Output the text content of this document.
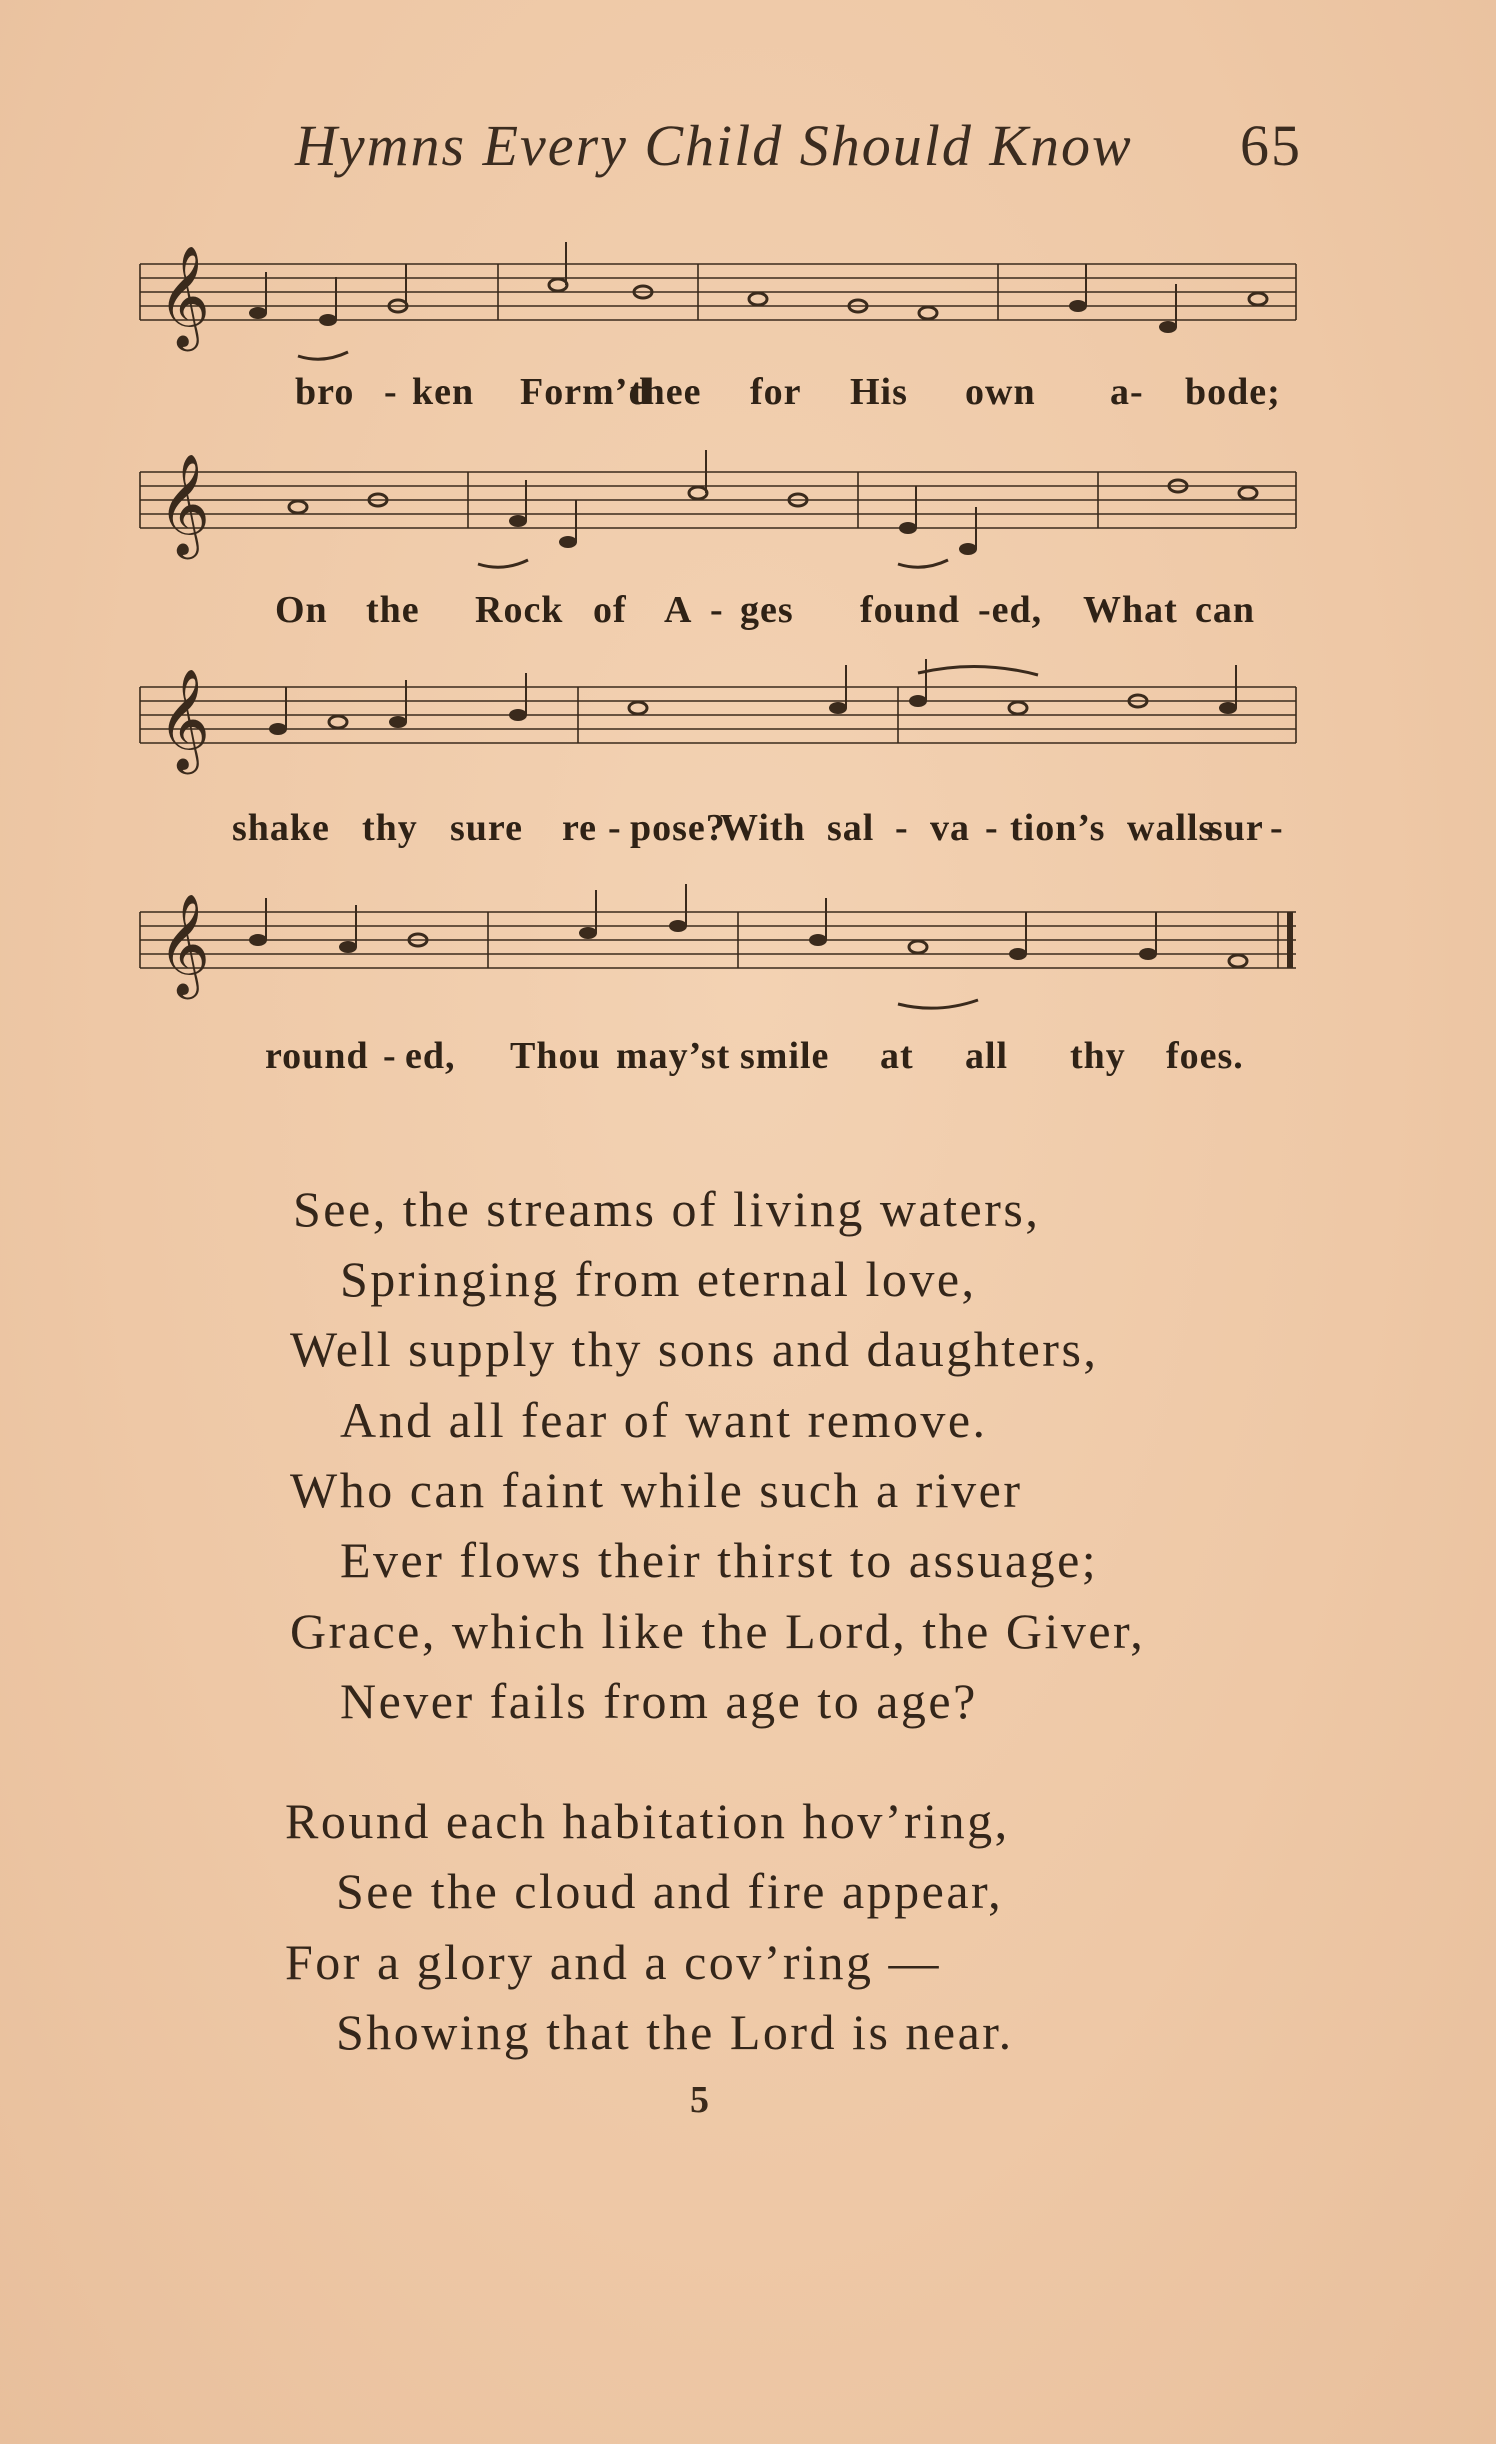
Hymns Every Child Should Know 65
𝄞
bro - ken Form’d
thee for His own a- bode;
𝄞
On the Rock of A - ges found -ed, What can
𝄞
shake thy sure re - pose?
With sal - va - tion’s walls
sur -
𝄞
round - ed, Thou may’st smile at all thy foes.
See, the streams of living waters,
Springing from eternal love,
Well supply thy sons and daughters,
And all fear of want remove.
Who can faint while such a river
Ever flows their thirst to assuage;
Grace, which like the Lord, the Giver,
Never fails from age to age?
Round each habitation hov’ring,
See the cloud and fire appear,
For a glory and a cov’ring —
Showing that the Lord is near.
5
